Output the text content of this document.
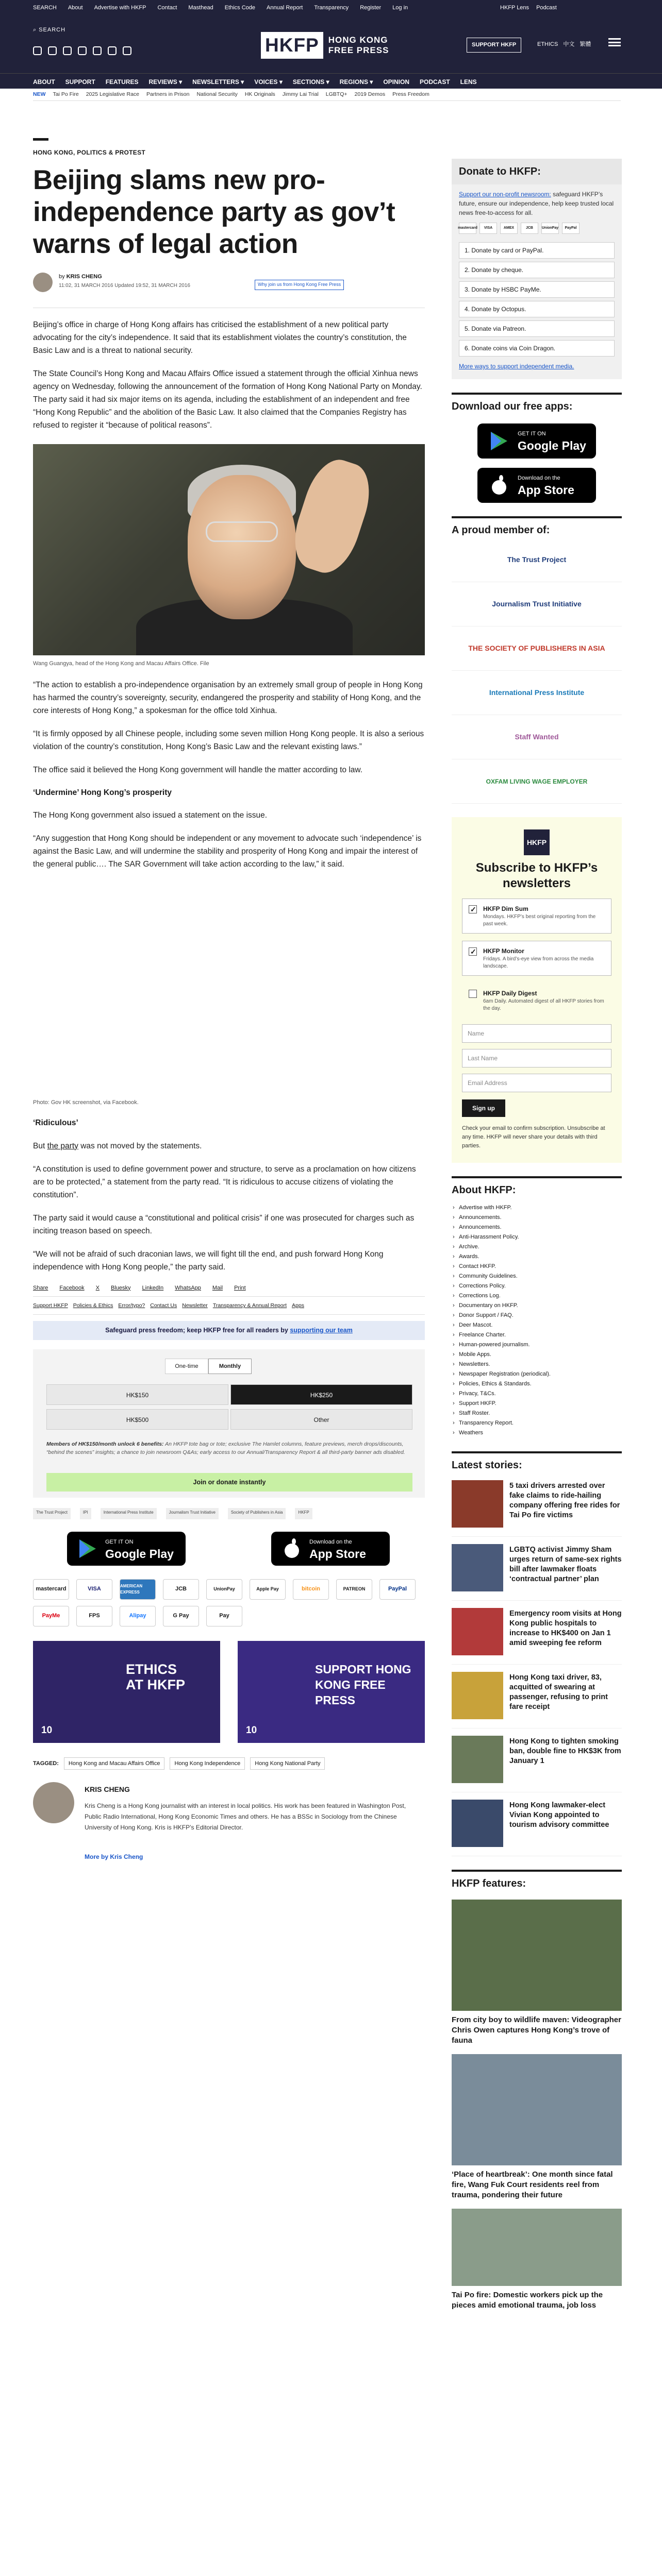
SEARCH About Advertise with HKFP Contact Masthead Ethics Code Annual Report Transparency Register Log in	HKFP Lens Podcast
⌕ SEARCH
HKFP	HONG KONG
FREE PRESS
SUPPORT HKFP	ETHICS 中文 繁體
ABOUT SUPPORT FEATURES REVIEWS ▾ NEWSLETTERS ▾ VOICES ▾ SECTIONS ▾ REGIONS ▾ OPINION PODCAST LENS
NEW Tai Po Fire 2025 Legislative Race Partners in Prison National Security HK Originals Jimmy Lai Trial LGBTQ+ 2019 Demos Press Freedom
HONG KONG, POLITICS & PROTEST
Beijing slams new pro-independence party as gov’t warns of legal action
by KRIS CHENG
11:02, 31 MARCH 2016 Updated 19:52, 31 MARCH 2016	Why join us from Hong Kong Free Press

Beijing’s office in charge of Hong Kong affairs has criticised the establishment of a new political party advocating for the city’s independence. It said that its establishment violates the country’s constitution, the Basic Law and is a threat to national security.

The State Council’s Hong Kong and Macau Affairs Office issued a statement through the official Xinhua news agency on Wednesday, following the announcement of the formation of Hong Kong National Party on Monday. The party said it had six major items on its agenda, including the establishment of an independent and free “Hong Kong Republic” and the abolition of the Basic Law. It also claimed that the Companies Registry has refused to register it “because of political reasons”.

Wang Guangya, head of the Hong Kong and Macau Affairs Office. File

“The action to establish a pro-independence organisation by an extremely small group of people in Hong Kong has harmed the country’s sovereignty, security, endangered the prosperity and stability of Hong Kong, and the core interests of Hong Kong,” a spokesman for the office told Xinhua.

“It is firmly opposed by all Chinese people, including some seven million Hong Kong people. It is also a serious violation of the country’s constitution, Hong Kong’s Basic Law and the relevant existing laws.”

The office said it believed the Hong Kong government will handle the matter according to law.

‘Undermine’ Hong Kong’s prosperity

The Hong Kong government also issued a statement on the issue.

“Any suggestion that Hong Kong should be independent or any movement to advocate such ‘independence’ is against the Basic Law, and will undermine the stability and prosperity of Hong Kong and impair the interest of the general public…. The SAR Government will take action according to the law,” it said.

Photo: Gov HK screenshot, via Facebook.
‘Ridiculous’

But the party was not moved by the statements.

“A constitution is used to define government power and structure, to serve as a proclamation on how citizens are to be protected,” a statement from the party read. “It is ridiculous to accuse citizens of violating the constitution”.

The party said it would cause a “constitutional and political crisis” if one was prosecuted for charges such as inciting treason based on speech.

“We will not be afraid of such draconian laws, we will fight till the end, and push forward Hong Kong independence with Hong Kong people,” the party said.

Share Facebook X Bluesky LinkedIn WhatsApp Mail Print
Support HKFP Policies & Ethics Error/typo? Contact Us Newsletter Transparency & Annual Report Apps
Safeguard press freedom; keep HKFP free for all readers by supporting our team
One-time	Monthly
HK$150	HK$250
HK$500	Other
Members of HK$150/month unlock 6 benefits: An HKFP tote bag or tote; exclusive The Hamlet columns, feature previews, merch drops/discounts, “behind the scenes” insights; a chance to join newsroom Q&As; early access to our Annual/Transparency Report & all third-party banner ads disabled.
Join or donate instantly
The Trust Project	IPI	International Press Institute	Journalism Trust Initiative	Society of Publishers in Asia	HKFP
GET IT ON
Google Play
Download on the
App Store
mastercard	VISA
AMERICAN EXPRESS	JCB	UnionPay	Apple Pay	bitcoin	PATREON	PayPal
PayMe	FPS	Alipay	G Pay	Pay
ETHICS
AT HKFP
10
SUPPORT HONG KONG FREE PRESS
10
TAGGED:	Hong Kong and Macau Affairs Office	Hong Kong Independence	Hong Kong National Party
KRIS CHENG
Kris Cheng is a Hong Kong journalist with an interest in local politics. His work has been featured in Washington Post, Public Radio International, Hong Kong Economic Times and others. He has a BSSc in Sociology from the Chinese University of Hong Kong. Kris is HKFP’s Editorial Director.
More by Kris Cheng
Donate to HKFP:
Support our non-profit newsroom: safeguard HKFP’s future, ensure our independence, help keep trusted local news free-to-access for all.
mastercard	VISA	AMEX	JCB	UnionPay	PayPal
1. Donate by card or PayPal.
2. Donate by cheque.
3. Donate by HSBC PayMe.
4. Donate by Octopus.
5. Donate via Patreon.
6. Donate coins via Coin Dragon.
More ways to support independent media.
Download our free apps:
GET IT ON
Google Play
Download on the
App Store
A proud member of:
The Trust Project
Journalism Trust Initiative
THE SOCIETY OF PUBLISHERS IN ASIA
International Press Institute
Staff Wanted
OXFAM LIVING WAGE EMPLOYER
HKFP
Subscribe to HKFP’s newsletters
✓
HKFP Dim Sum
Mondays. HKFP’s best original reporting from the past week.
✓
HKFP Monitor
Fridays. A bird’s-eye view from across the media landscape.
HKFP Daily Digest
6am Daily. Automated digest of all HKFP stories from the day.
Name
Last Name
Email Address
Sign up
Check your email to confirm subscription. Unsubscribe at any time. HKFP will never share your details with third parties.
About HKFP:
› Advertise with HKFP.
› Announcements.
› Announcements.
› Anti-Harassment Policy.
› Archive.
› Awards.
› Contact HKFP.
› Community Guidelines.
› Corrections Policy.
› Corrections Log.
› Documentary on HKFP.
› Donor Support / FAQ.
› Deer Mascot.
› Freelance Charter.
› Human-powered journalism.
› Mobile Apps.
› Newsletters.
› Newspaper Registration (periodical).
› Policies, Ethics & Standards.
› Privacy, T&Cs.
› Support HKFP.
› Staff Roster.
› Transparency Report.
› Weathers
Latest stories:
5 taxi drivers arrested over fake claims to ride-hailing company offering free rides for Tai Po fire victims
LGBTQ activist Jimmy Sham urges return of same-sex rights bill after lawmaker floats ‘contractual partner’ plan
Emergency room visits at Hong Kong public hospitals to increase to HK$400 on Jan 1 amid sweeping fee reform
Hong Kong taxi driver, 83, acquitted of swearing at passenger, refusing to print fare receipt
Hong Kong to tighten smoking ban, double fine to HK$3K from January 1
Hong Kong lawmaker-elect Vivian Kong appointed to tourism advisory committee
HKFP features:
From city boy to wildlife maven: Videographer Chris Owen captures Hong Kong’s trove of fauna
‘Place of heartbreak’: One month since fatal fire, Wang Fuk Court residents reel from trauma, pondering their future
Tai Po fire: Domestic workers pick up the pieces amid emotional trauma, job loss
